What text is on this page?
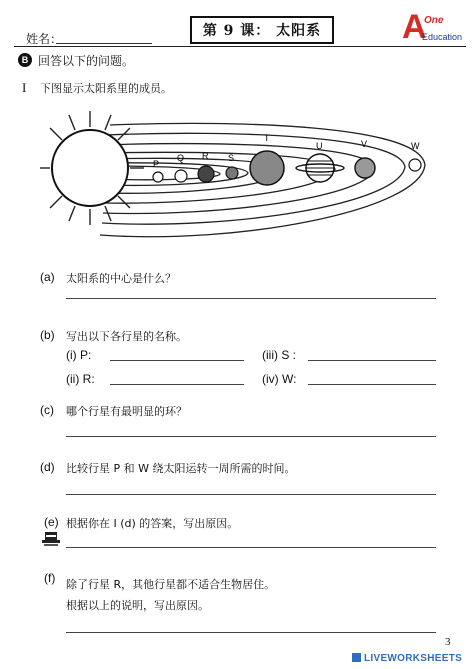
姓名：	第 9 课： 太阳系	A
One
Education
B 回答以下的问题。
I 下图显示太阳系里的成员。
P
Q R S
T
U	V	W
(a) 太阳系的中心是什么？
(b) 写出以下各行星的名称。
(i) P:	(iii) S :
(ii) R:	(iv) W:
(c) 哪个行星有最明显的环？
(d) 比较行星 P 和 W 绕太阳运转一周所需的时间。
(e) 根据你在 I (d) 的答案，写出原因。
(f) 除了行星 R，其他行星都不适合生物居住。
根据以上的说明，写出原因。
3
LIVEWORKSHEETS
